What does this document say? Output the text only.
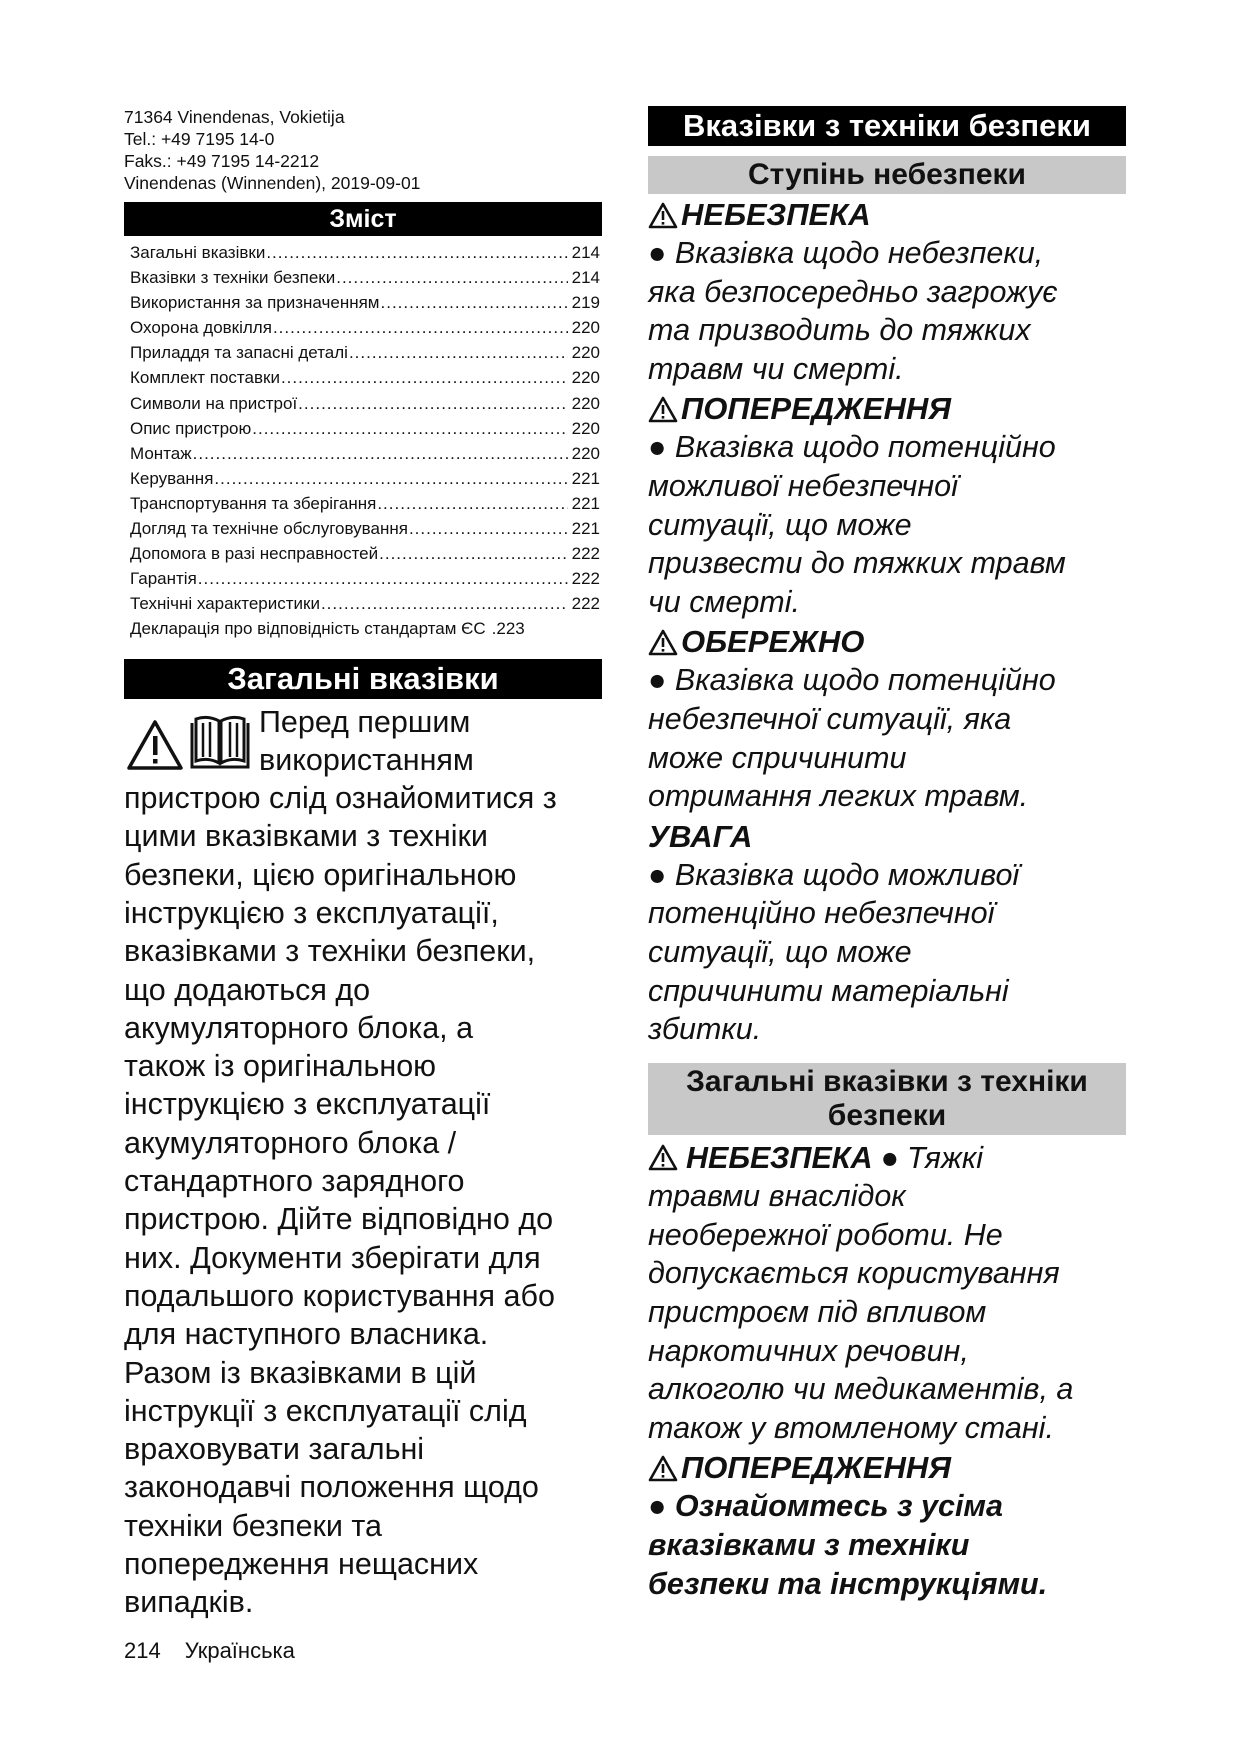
71364 Vinendenas, Vokietija
Tel.: +49 7195 14-0
Faks.: +49 7195 14-2212
Vinendenas (Winnenden), 2019-09-01
Зміст
Загальні вказівки .....	214
Вказівки з техніки безпеки .....	214
Використання за призначенням .....	219
Охорона довкілля .....	220
Приладдя та запасні деталі .....	220
Комплект поставки .....	220
Символи на пристрої .....	220
Опис пристрою .....	220
Монтаж .....	220
Керування .....	221
Транспортування та зберігання .....	221
Догляд та технічне обслуговування .....	221
Допомога в разі несправностей .....	222
Гарантія .....	222
Технічні характеристики .....	222
Декларація про відповідність стандартам ЄС . 223
Загальні вказівки
Перед першим
використанням
пристрою слід ознайомитися з
цими вказівками з техніки
безпеки, цією оригінальною
інструкцією з експлуатації,
вказівками з техніки безпеки,
що додаються до
акумуляторного блока, а
також із оригінальною
інструкцією з експлуатації
акумуляторного блока /
стандартного зарядного
пристрою. Дійте відповідно до
них. Документи зберігати для
подальшого користування або
для наступного власника.
Разом із вказівками в цій
інструкції з експлуатації слід
враховувати загальні
законодавчі положення щодо
техніки безпеки та
попередження нещасних
випадків.
214 Українська
Вказівки з техніки безпеки
Ступінь небезпеки
НЕБЕЗПЕКА
● Вказівка щодо небезпеки,
яка безпосередньо загрожує
та призводить до тяжких
травм чи смерті.
ПОПЕРЕДЖЕННЯ
● Вказівка щодо потенційно
можливої небезпечної
ситуації, що може
призвести до тяжких травм
чи смерті.
ОБЕРЕЖНО
● Вказівка щодо потенційно
небезпечної ситуації, яка
може спричинити
отримання легких травм.
УВАГА
● Вказівка щодо можливої
потенційно небезпечної
ситуації, що може
спричинити матеріальні
збитки.
Загальні вказівки з техніки
безпеки
НЕБЕЗПЕКА ● Тяжкі
травми внаслідок
необережної роботи. Не
допускається користування
пристроєм під впливом
наркотичних речовин,
алкоголю чи медикаментів, а
також у втомленому стані.
ПОПЕРЕДЖЕННЯ
● Ознайомтесь з усіма
вказівками з техніки
безпеки та інструкціями.
